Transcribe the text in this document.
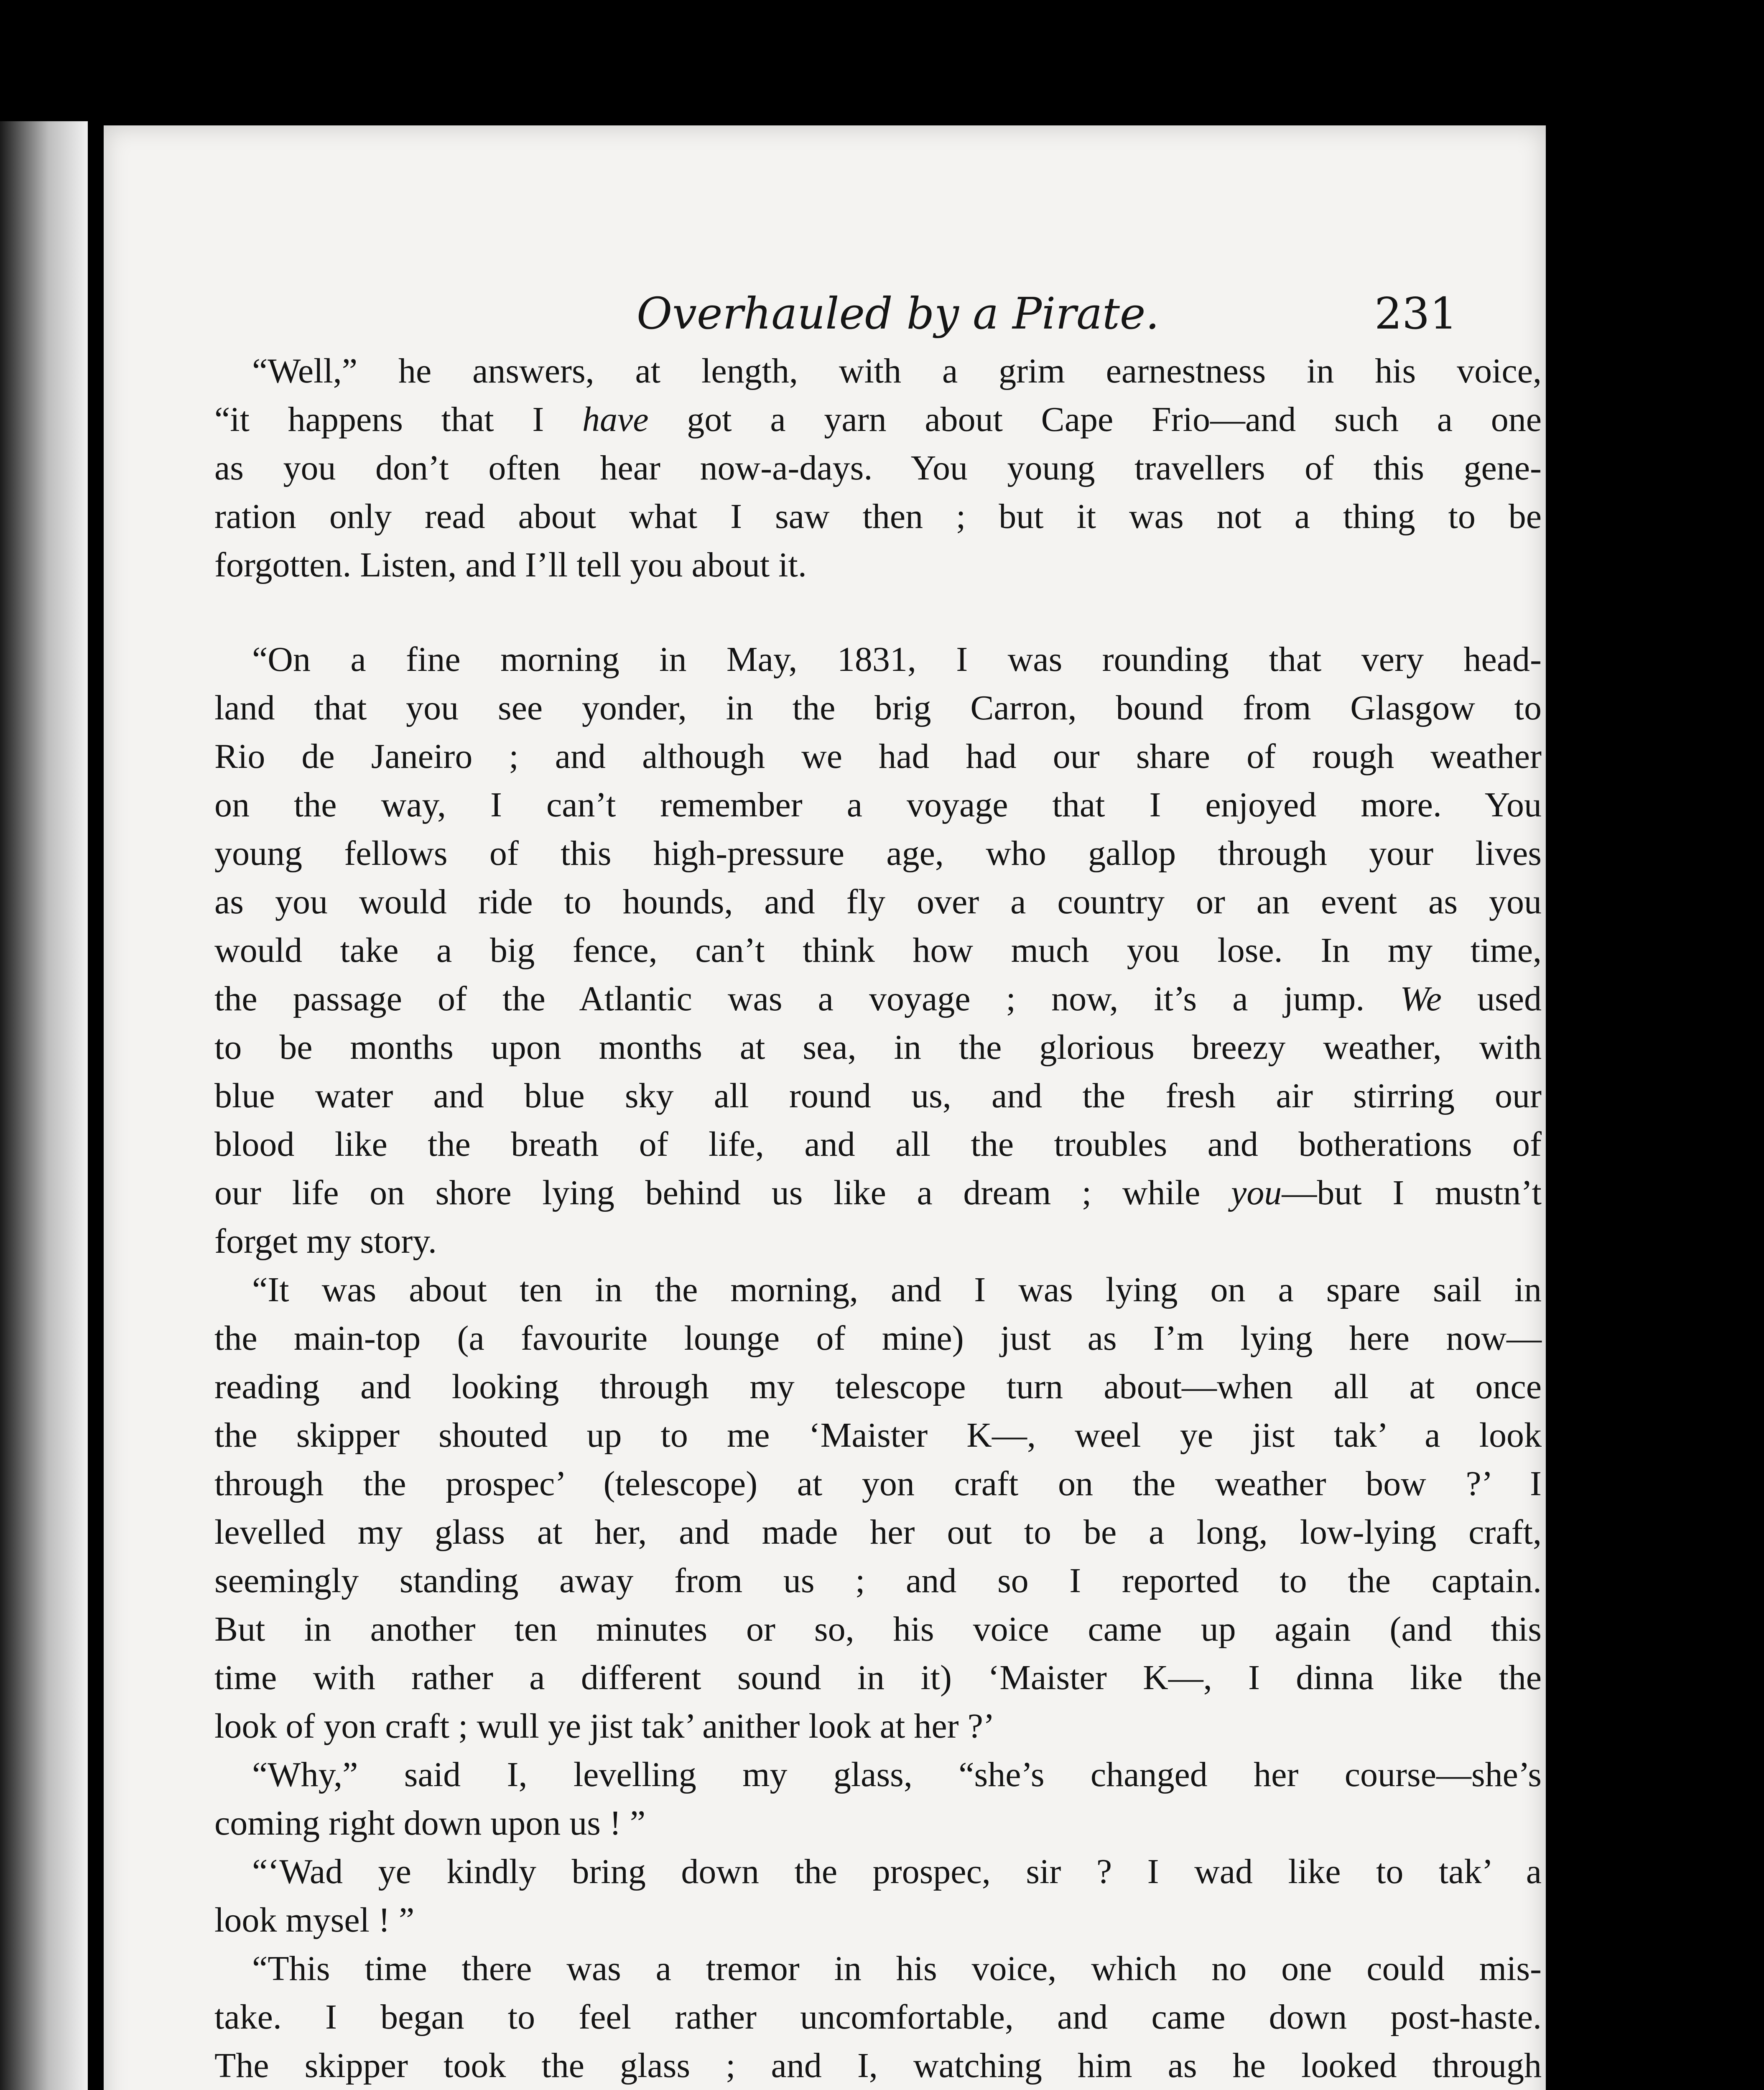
Overhauled by a Pirate.	231
“Well,” he answers, at length, with a grim earnestness in his voice,
“it happens that I have got a yarn about Cape Frio—and such a one
as you don’t often hear now-a-days. You young travellers of this gene-
ration only read about what I saw then ; but it was not a thing to be
forgotten. Listen, and I’ll tell you about it.
“On a fine morning in May, 1831, I was rounding that very head-
land that you see yonder, in the brig Carron, bound from Glasgow to
Rio de Janeiro ; and although we had had our share of rough weather
on the way, I can’t remember a voyage that I enjoyed more. You
young fellows of this high-pressure age, who gallop through your lives
as you would ride to hounds, and fly over a country or an event as you
would take a big fence, can’t think how much you lose. In my time,
the passage of the Atlantic was a voyage ; now, it’s a jump. We used
to be months upon months at sea, in the glorious breezy weather, with
blue water and blue sky all round us, and the fresh air stirring our
blood like the breath of life, and all the troubles and botherations of
our life on shore lying behind us like a dream ; while you—but I mustn’t
forget my story.
“It was about ten in the morning, and I was lying on a spare sail in
the main-top (a favourite lounge of mine) just as I’m lying here now—
reading and looking through my telescope turn about—when all at once
the skipper shouted up to me ‘Maister K—, weel ye jist tak’ a look
through the prospec’ (telescope) at yon craft on the weather bow ?’ I
levelled my glass at her, and made her out to be a long, low-lying craft,
seemingly standing away from us ; and so I reported to the captain.
But in another ten minutes or so, his voice came up again (and this
time with rather a different sound in it) ‘Maister K—, I dinna like the
look of yon craft ; wull ye jist tak’ anither look at her ?’
“Why,” said I, levelling my glass, “she’s changed her course—she’s
coming right down upon us ! ”
“‘Wad ye kindly bring down the prospec, sir ? I wad like to tak’ a
look mysel ! ”
“This time there was a tremor in his voice, which no one could mis-
take. I began to feel rather uncomfortable, and came down post-haste.
The skipper took the glass ; and I, watching him as he looked through
